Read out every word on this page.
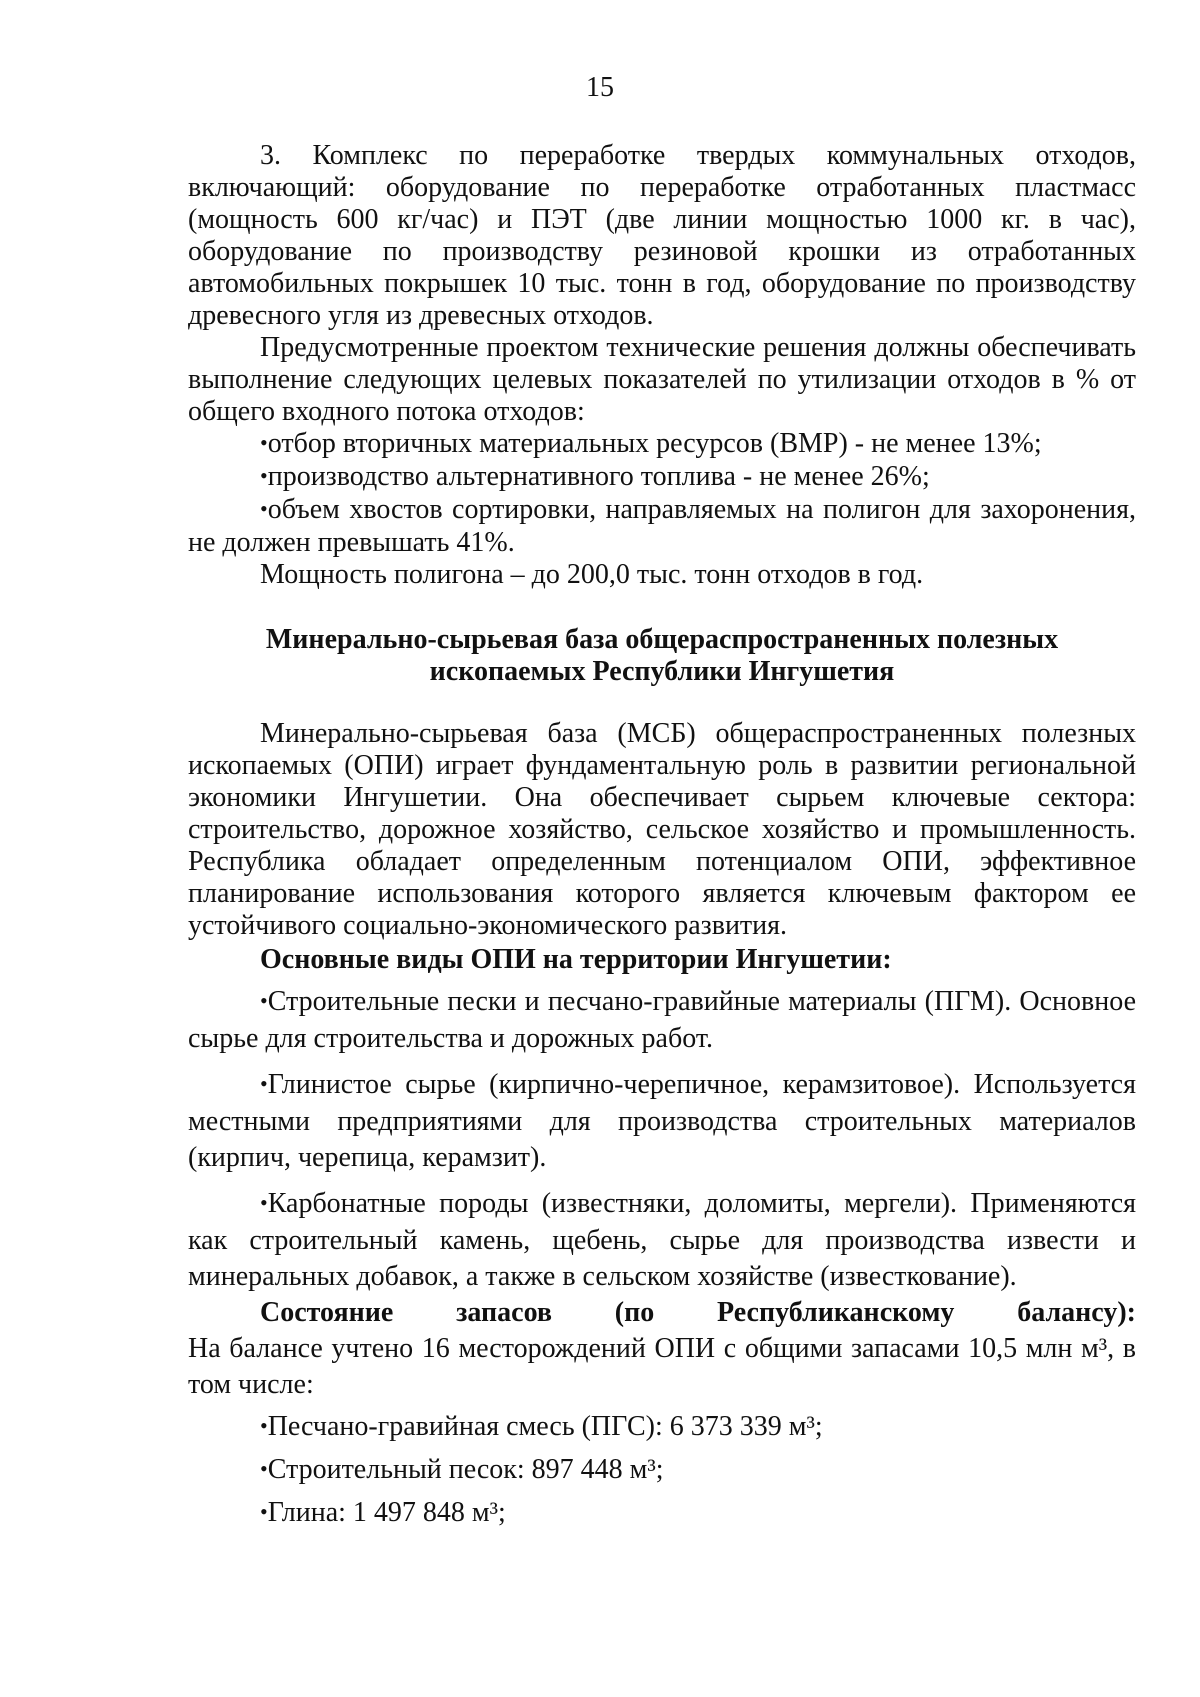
15

3. Комплекс по переработке твердых коммунальных отходов, включающий: оборудование по переработке отработанных пластмасс (мощность 600 кг/час) и ПЭТ (две линии мощностью 1000 кг. в час), оборудование по производству резиновой крошки из отработанных автомобильных покрышек 10 тыс. тонн в год, оборудование по производству древесного угля из древесных отходов.

Предусмотренные проектом технические решения должны обеспечивать выполнение следующих целевых показателей по утилизации отходов в % от общего входного потока отходов:

•отбор вторичных материальных ресурсов (ВМР) - не менее 13%;

•производство альтернативного топлива - не менее 26%;

•объем хвостов сортировки, направляемых на полигон для захоронения, не должен превышать 41%.

Мощность полигона – до 200,0 тыс. тонн отходов в год.

Минерально-сырьевая база общераспространенных полезных
ископаемых Республики Ингушетия

Минерально-сырьевая база (МСБ) общераспространенных полезных ископаемых (ОПИ) играет фундаментальную роль в развитии региональной экономики Ингушетии. Она обеспечивает сырьем ключевые сектора: строительство, дорожное хозяйство, сельское хозяйство и промышленность. Республика обладает определенным потенциалом ОПИ, эффективное планирование использования которого является ключевым фактором ее устойчивого социально-экономического развития.

Основные виды ОПИ на территории Ингушетии:

•Строительные пески и песчано-гравийные материалы (ПГМ). Основное сырье для строительства и дорожных работ.

•Глинистое сырье (кирпично-черепичное, керамзитовое). Используется местными предприятиями для производства строительных материалов (кирпич, черепица, керамзит).

•Карбонатные породы (известняки, доломиты, мергели). Применяются как строительный камень, щебень, сырье для производства извести и минеральных добавок, а также в сельском хозяйстве (известкование).

Состояние запасов (по Республиканскому балансу):

На балансе учтено 16 месторождений ОПИ с общими запасами 10,5 млн м³, в том числе:

•Песчано-гравийная смесь (ПГС): 6 373 339 м³;

•Строительный песок: 897 448 м³;

•Глина: 1 497 848 м³;
